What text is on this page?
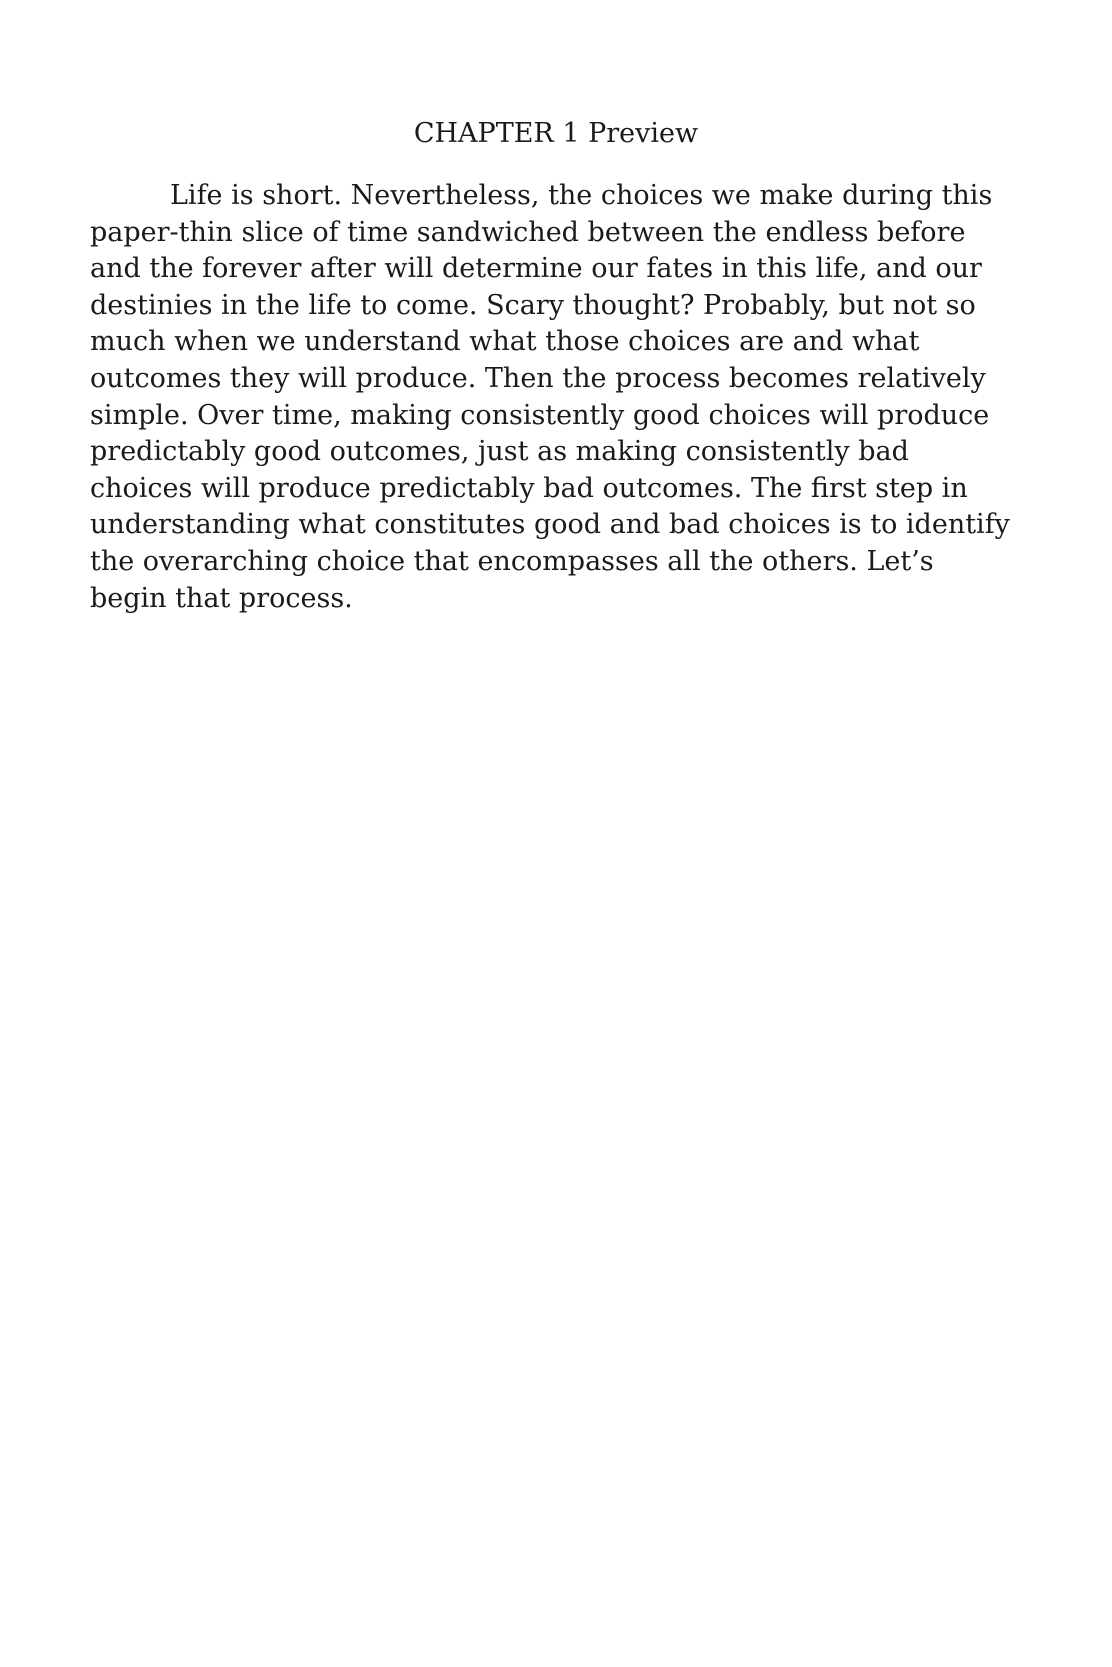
CHAPTER 1 Preview

Life is short. Nevertheless, the choices we make during this paper-thin slice of time sandwiched between the endless before and the forever after will determine our fates in this life, and our destinies in the life to come. Scary thought? Probably, but not so much when we understand what those choices are and what outcomes they will produce. Then the process becomes relatively simple. Over time, making consistently good choices will produce predictably good outcomes, just as making consistently bad choices will produce predictably bad outcomes. The first step in understanding what constitutes good and bad choices is to identify the overarching choice that encompasses all the others. Let’s begin that process.
